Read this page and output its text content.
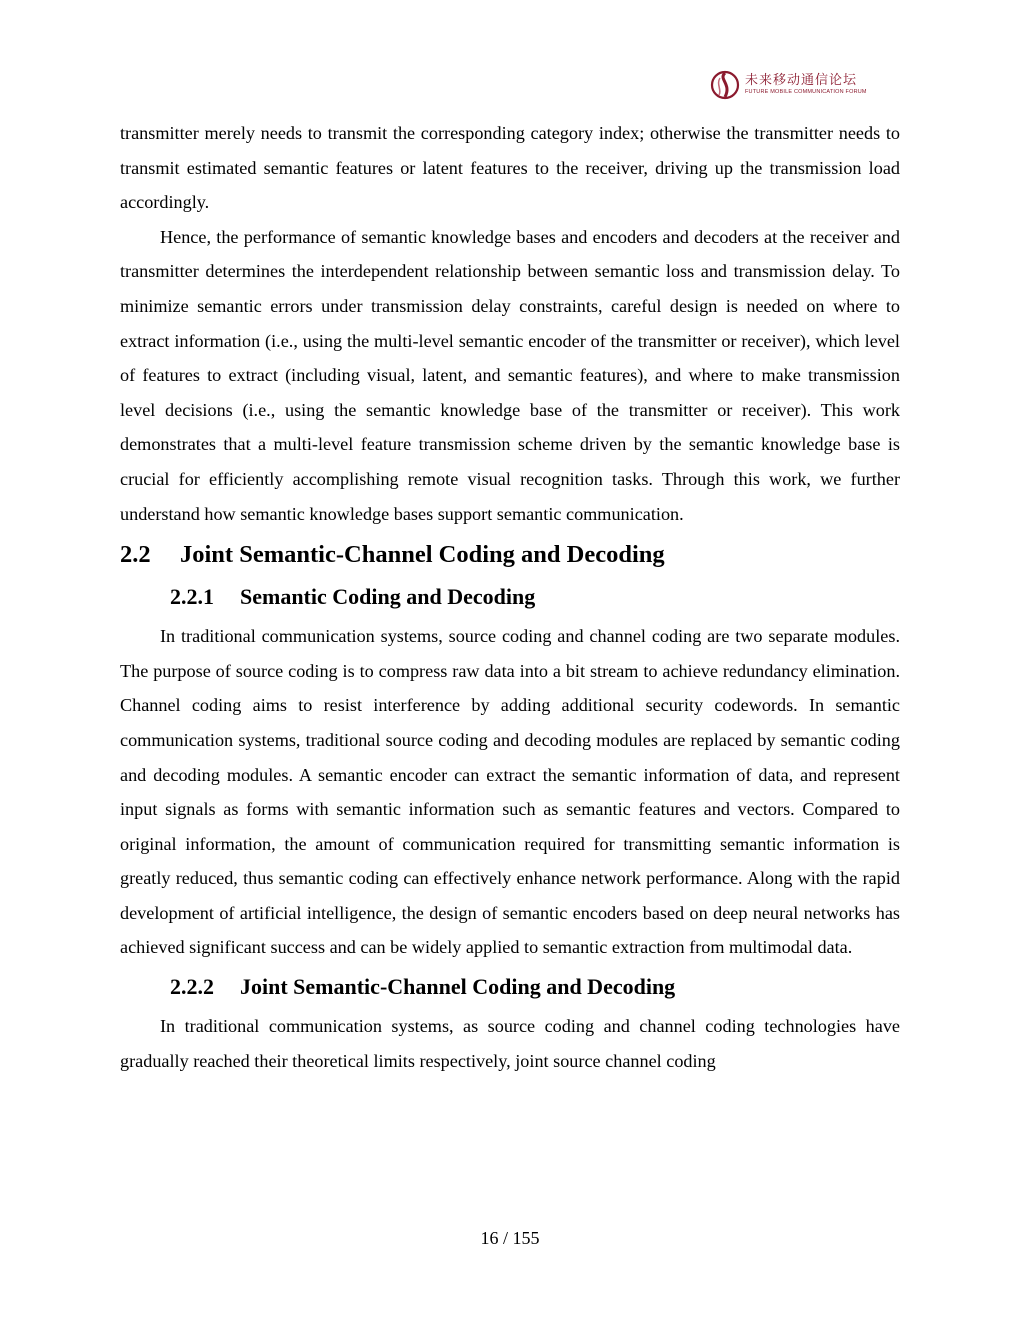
未来移动通信论坛
FUTURE MOBILE COMMUNICATION FORUM

transmitter merely needs to transmit the corresponding category index; otherwise the transmitter needs to transmit estimated semantic features or latent features to the receiver, driving up the transmission load accordingly.

Hence, the performance of semantic knowledge bases and encoders and decoders at the receiver and transmitter determines the interdependent relationship between semantic loss and transmission delay. To minimize semantic errors under transmission delay constraints, careful design is needed on where to extract information (i.e., using the multi-level semantic encoder of the transmitter or receiver), which level of features to extract (including visual, latent, and semantic features), and where to make transmission level decisions (i.e., using the semantic knowledge base of the transmitter or receiver). This work demonstrates that a multi-level feature transmission scheme driven by the semantic knowledge base is crucial for efficiently accomplishing remote visual recognition tasks. Through this work, we further understand how semantic knowledge bases support semantic communication.

2.2 Joint Semantic-Channel Coding and Decoding
2.2.1 Semantic Coding and Decoding

In traditional communication systems, source coding and channel coding are two separate modules. The purpose of source coding is to compress raw data into a bit stream to achieve redundancy elimination. Channel coding aims to resist interference by adding additional security codewords. In semantic communication systems, traditional source coding and decoding modules are replaced by semantic coding and decoding modules. A semantic encoder can extract the semantic information of data, and represent input signals as forms with semantic information such as semantic features and vectors. Compared to original information, the amount of communication required for transmitting semantic information is greatly reduced, thus semantic coding can effectively enhance network performance. Along with the rapid development of artificial intelligence, the design of semantic encoders based on deep neural networks has achieved significant success and can be widely applied to semantic extraction from multimodal data.

2.2.2 Joint Semantic-Channel Coding and Decoding

In traditional communication systems, as source coding and channel coding technologies have gradually reached their theoretical limits respectively, joint source channel coding

16 / 155
